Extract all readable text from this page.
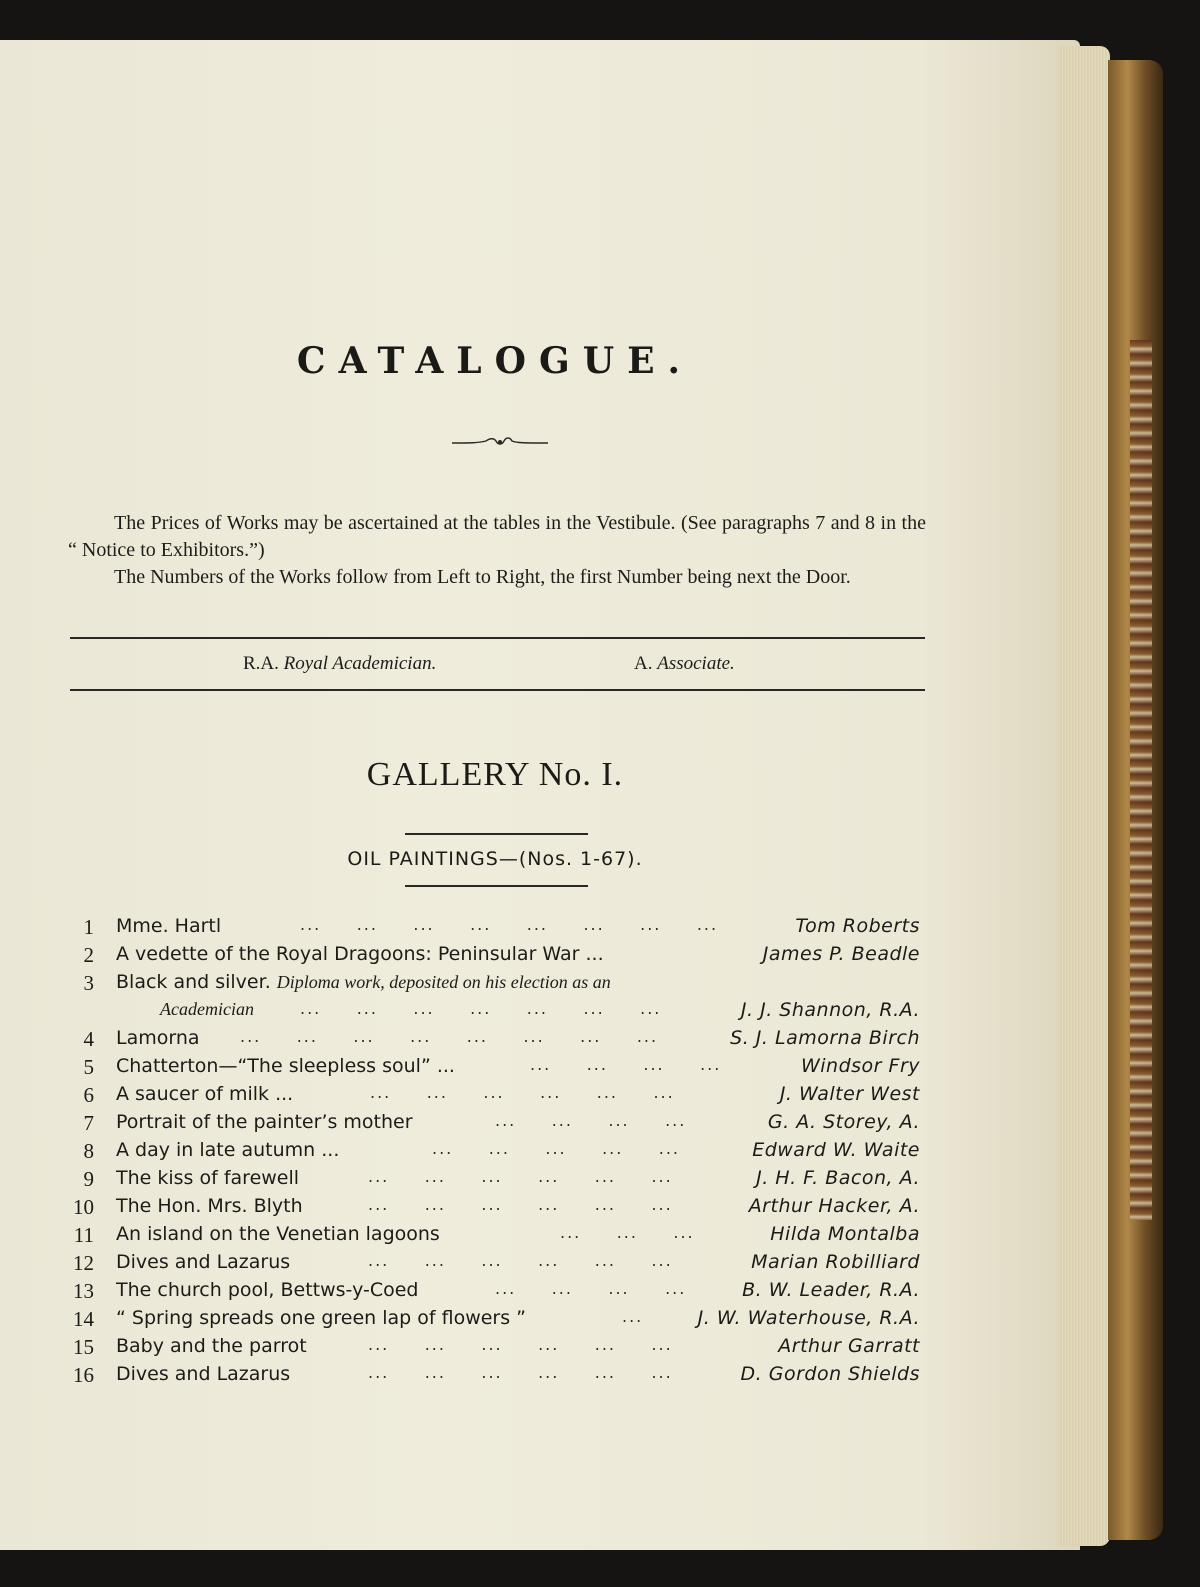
CATALOGUE.

The Prices of Works may be ascertained at the tables in the Vestibule. (See paragraphs 7 and 8 in the “ Notice to Exhibitors.”)

The Numbers of the Works follow from Left to Right, the first Number being next the Door.

R.A. Royal Academician.	A. Associate.
GALLERY No. I.
OIL PAINTINGS—(Nos. 1-67).
1 Mme. Hartl	...     ...     ...     ...     ...     ...     ...     ...	Tom Roberts
2 A vedette of the Royal Dragoons: Peninsular War ...	James P. Beadle
3 Black and silver. Diploma work, deposited on his election as an
Academician	...     ...     ...     ...     ...     ...     ...	J. J. Shannon, R.A.
4 Lamorna	...     ...     ...     ...     ...     ...     ...     ...	S. J. Lamorna Birch
5 Chatterton—“The sleepless soul” ...	...     ...     ...     ...	Windsor Fry
6 A saucer of milk ...	...     ...     ...     ...     ...     ...	J. Walter West
7 Portrait of the painter’s mother	...     ...     ...     ...	G. A. Storey, A.
8 A day in late autumn ...	...     ...     ...     ...     ...	Edward W. Waite
9 The kiss of farewell	...     ...     ...     ...     ...     ...	J. H. F. Bacon, A.
10 The Hon. Mrs. Blyth	...     ...     ...     ...     ...     ...	Arthur Hacker, A.
11 An island on the Venetian lagoons	...     ...     ...	Hilda Montalba
12 Dives and Lazarus	...     ...     ...     ...     ...     ...	Marian Robilliard
13 The church pool, Bettws-y-Coed	...     ...     ...     ...	B. W. Leader, R.A.
14 “ Spring spreads one green lap of flowers ”	...	J. W. Waterhouse, R.A.
15 Baby and the parrot	...     ...     ...     ...     ...     ...	Arthur Garratt
16 Dives and Lazarus	...     ...     ...     ...     ...     ...	D. Gordon Shields
